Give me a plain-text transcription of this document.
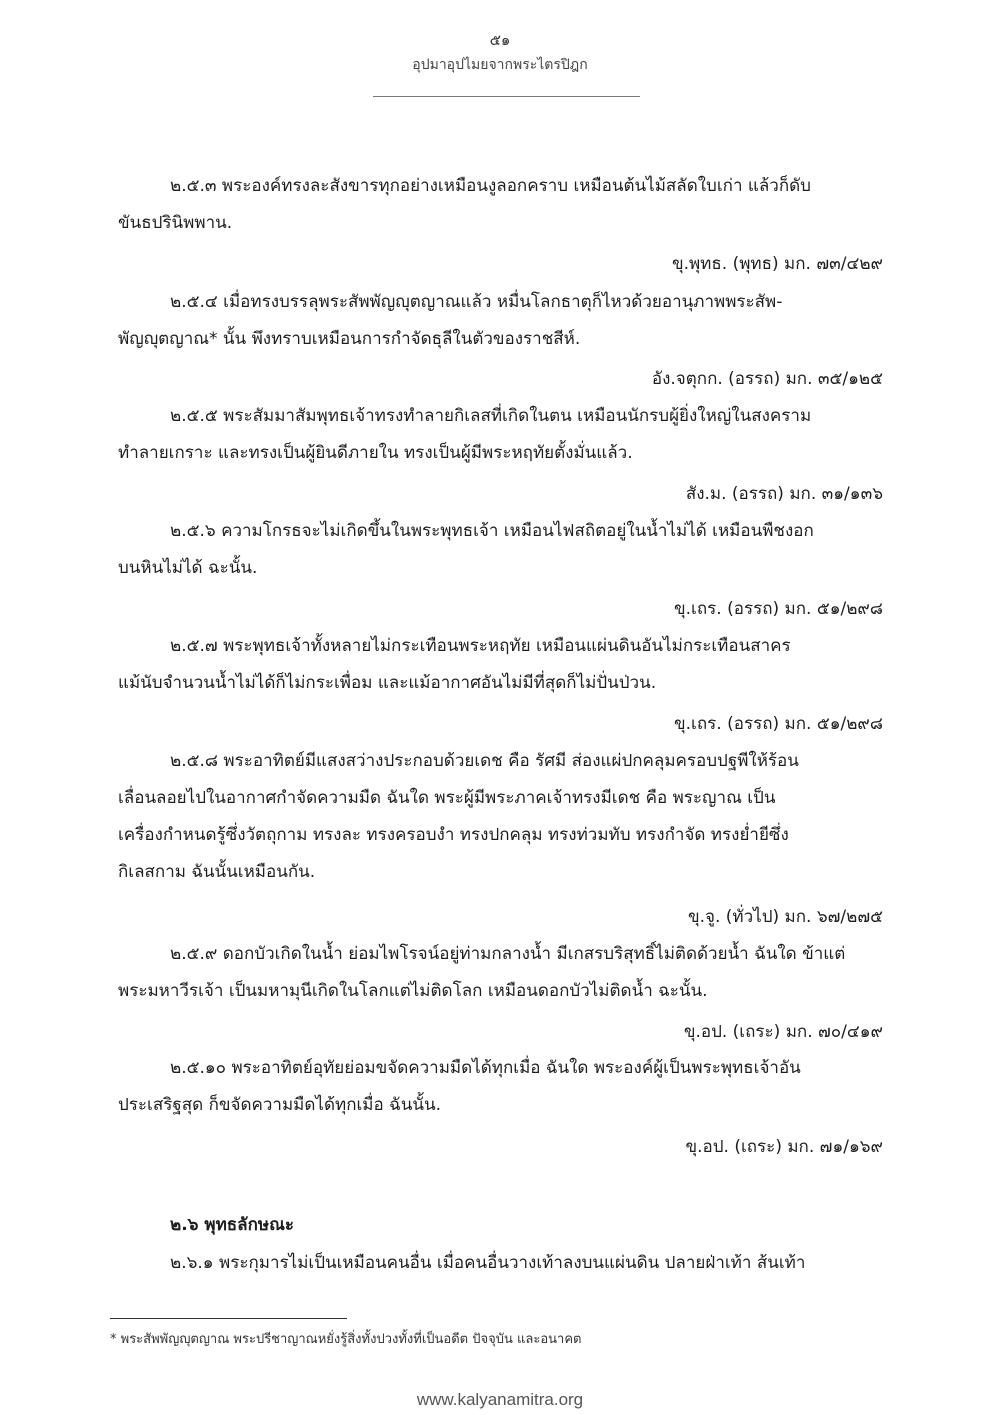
๕๑
อุปมาอุปไมยจากพระไตรปิฎก

๒.๕.๓ พระองค์ทรงละสังขารทุกอย่างเหมือนงูลอกคราบ เหมือนต้นไม้สลัดใบเก่า แล้วก็ดับ
ขันธปรินิพพาน.

ขุ.พุทธ. (พุทธ) มก. ๗๓/๔๒๙

๒.๕.๔ เมื่อทรงบรรลุพระสัพพัญญุตญาณแล้ว หมื่นโลกธาตุก็ไหวด้วยอานุภาพพระสัพ-
พัญญุตญาณ* นั้น พึงทราบเหมือนการกำจัดธุลีในตัวของราชสีห์.

อัง.จตุกก. (อรรถ) มก. ๓๕/๑๒๕

๒.๕.๕ พระสัมมาสัมพุทธเจ้าทรงทำลายกิเลสที่เกิดในตน เหมือนนักรบผู้ยิ่งใหญ่ในสงคราม
ทำลายเกราะ และทรงเป็นผู้ยินดีภายใน ทรงเป็นผู้มีพระหฤทัยตั้งมั่นแล้ว.

สัง.ม. (อรรถ) มก. ๓๑/๑๓๖

๒.๕.๖ ความโกรธจะไม่เกิดขึ้นในพระพุทธเจ้า เหมือนไฟสถิตอยู่ในน้ำไม่ได้ เหมือนพืชงอก
บนหินไม่ได้ ฉะนั้น.

ขุ.เถร. (อรรถ) มก. ๕๑/๒๙๘

๒.๕.๗ พระพุทธเจ้าทั้งหลายไม่กระเทือนพระหฤทัย เหมือนแผ่นดินอันไม่กระเทือนสาคร
แม้นับจำนวนน้ำไม่ได้ก็ไม่กระเพื่อม และแม้อากาศอันไม่มีที่สุดก็ไม่ปั่นป่วน.

ขุ.เถร. (อรรถ) มก. ๕๑/๒๙๘

๒.๕.๘ พระอาทิตย์มีแสงสว่างประกอบด้วยเดช คือ รัศมี ส่องแผ่ปกคลุมครอบปฐพีให้ร้อน
เลื่อนลอยไปในอากาศกำจัดความมืด ฉันใด พระผู้มีพระภาคเจ้าทรงมีเดช คือ พระญาณ เป็น
เครื่องกำหนดรู้ซึ่งวัตถุกาม ทรงละ ทรงครอบงำ ทรงปกคลุม ทรงท่วมทับ ทรงกำจัด ทรงย่ำยีซึ่ง
กิเลสกาม ฉันนั้นเหมือนกัน.

ขุ.จู. (ทั่วไป) มก. ๖๗/๒๗๕

๒.๕.๙ ดอกบัวเกิดในน้ำ ย่อมไพโรจน์อยู่ท่ามกลางน้ำ มีเกสรบริสุทธิ์ไม่ติดด้วยน้ำ ฉันใด ข้าแต่
พระมหาวีรเจ้า เป็นมหามุนีเกิดในโลกแต่ไม่ติดโลก เหมือนดอกบัวไม่ติดน้ำ ฉะนั้น.

ขุ.อป. (เถระ) มก. ๗๐/๔๑๙

๒.๕.๑๐ พระอาทิตย์อุทัยย่อมขจัดความมืดได้ทุกเมื่อ ฉันใด พระองค์ผู้เป็นพระพุทธเจ้าอัน
ประเสริฐสุด ก็ขจัดความมืดได้ทุกเมื่อ ฉันนั้น.

ขุ.อป. (เถระ) มก. ๗๑/๑๖๙
๒.๖ พุทธลักษณะ

๒.๖.๑ พระกุมารไม่เป็นเหมือนคนอื่น เมื่อคนอื่นวางเท้าลงบนแผ่นดิน ปลายฝ่าเท้า ส้นเท้า

* พระสัพพัญญุตญาณ พระปรีชาญาณหยั่งรู้สิ่งทั้งปวงทั้งที่เป็นอดีต ปัจจุบัน และอนาคต
www.kalyanamitra.org
